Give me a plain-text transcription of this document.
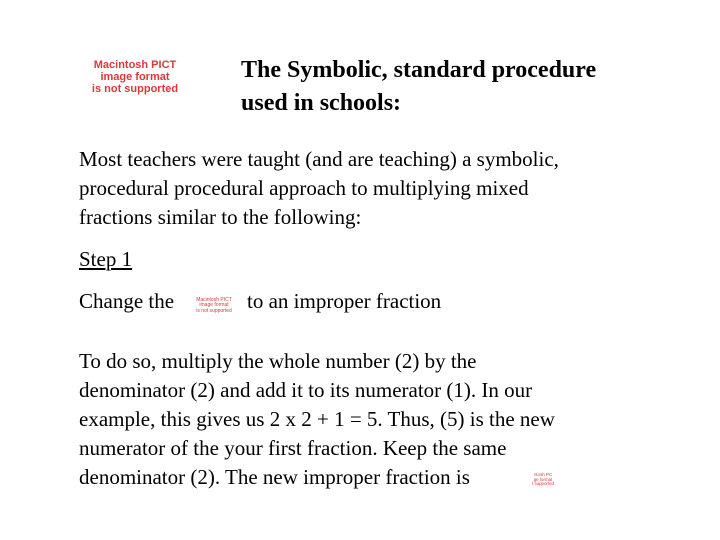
Macintosh PICT
image format
is not supported
The Symbolic, standard procedure
used in schools:

Most teachers were taught (and are teaching) a symbolic,
procedural procedural approach to multiplying mixed
fractions similar to the following:

Step 1

Change the	to an improper fraction
Macintosh PICT
image format
is not supported

To do so, multiply the whole number (2) by the
denominator (2) and add it to its numerator (1). In our
example, this gives us 2 x 2 + 1 = 5. Thus, (5) is the new
numerator of the your first fraction. Keep the same
denominator (2). The new improper fraction is	ntosh PC
ge format
t supported
